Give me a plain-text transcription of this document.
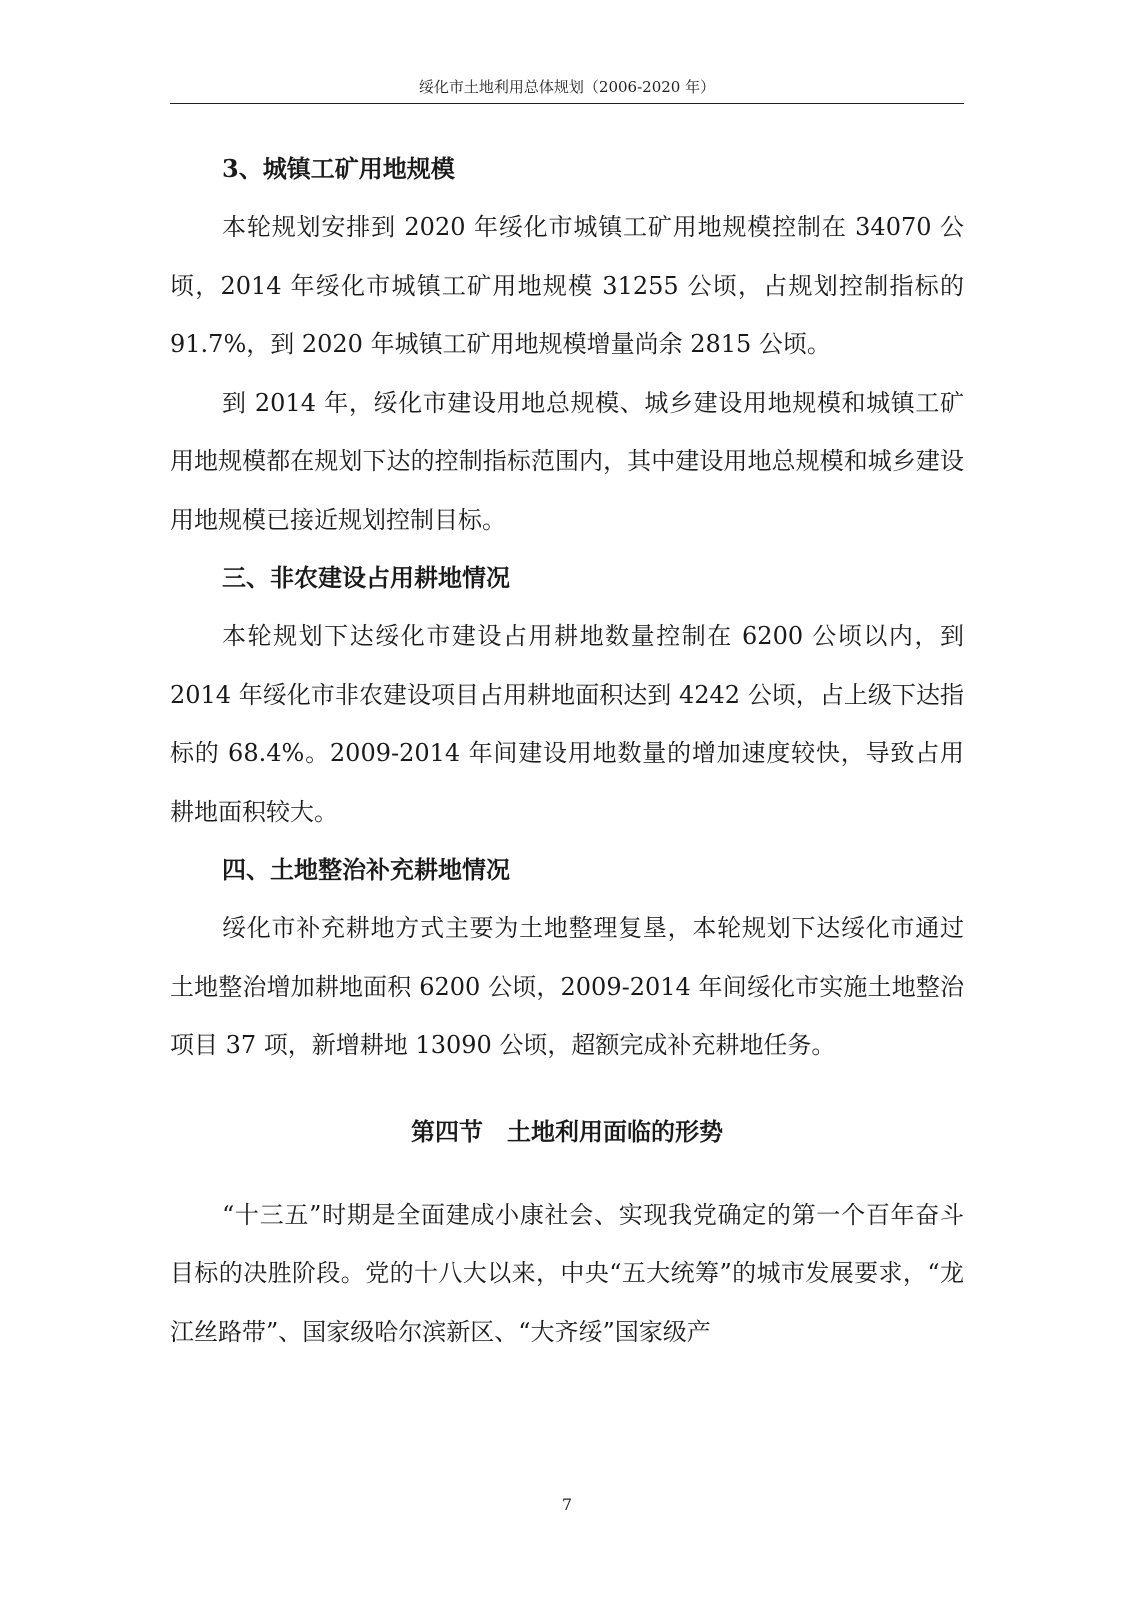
绥化市土地利用总体规划（2006-2020 年）
3、城镇工矿用地规模

本轮规划安排到 2020 年绥化市城镇工矿用地规模控制在 34070 公顷，2014 年绥化市城镇工矿用地规模 31255 公顷，占规划控制指标的 91.7%，到 2020 年城镇工矿用地规模增量尚余 2815 公顷。

到 2014 年，绥化市建设用地总规模、城乡建设用地规模和城镇工矿用地规模都在规划下达的控制指标范围内，其中建设用地总规模和城乡建设用地规模已接近规划控制目标。

三、非农建设占用耕地情况

本轮规划下达绥化市建设占用耕地数量控制在 6200 公顷以内，到 2014 年绥化市非农建设项目占用耕地面积达到 4242 公顷，占上级下达指标的 68.4%。2009-2014 年间建设用地数量的增加速度较快，导致占用耕地面积较大。

四、土地整治补充耕地情况

绥化市补充耕地方式主要为土地整理复垦，本轮规划下达绥化市通过土地整治增加耕地面积 6200 公顷，2009-2014 年间绥化市实施土地整治项目 37 项，新增耕地 13090 公顷，超额完成补充耕地任务。

第四节　土地利用面临的形势

“十三五”时期是全面建成小康社会、实现我党确定的第一个百年奋斗目标的决胜阶段。党的十八大以来，中央“五大统筹”的城市发展要求，“龙江丝路带”、国家级哈尔滨新区、“大齐绥”国家级产

7
